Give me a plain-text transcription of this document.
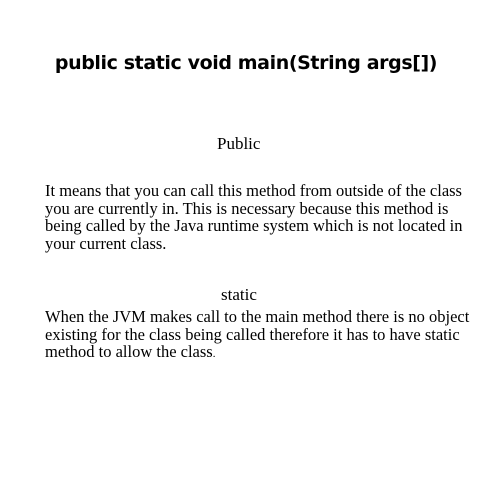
public static void main(String args[])
Public
It means that you can call this method from outside of the class
you are currently in. This is necessary because this method is
being called by the Java runtime system which is not located in
your current class.
static
When the JVM makes call to the main method there is no object
existing for the class being called therefore it has to have static
method to allow the class.
